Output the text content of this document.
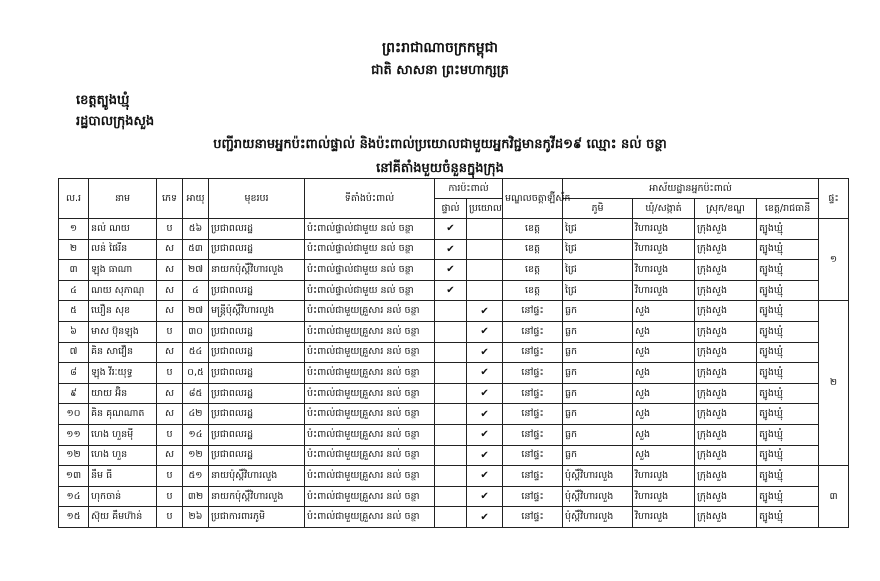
ព្រះរាជាណាចក្រកម្ពុជា
ជាតិ សាសនា ព្រះមហាក្សត្រ
ខេត្តត្បូងឃ្មុំ
រដ្ឋបាលក្រុងសួង
បញ្ជីរាយនាមអ្នកប៉ះពាល់ផ្ទាល់ និងប៉ះពាល់ប្រយោលជាមួយអ្នកវិជ្ជមានកូវីដ១៩ ឈ្មោះ នល់ ចន្ថា
នៅគីតាំងមួយចំនួនក្នុងក្រុង
ល.រ	នាម	ភេទ	អាយុ	មុខរបរ	ទីតាំងប៉ះពាល់	ការប៉ះពាល់		មណ្ឌលចត្តាឡ៊ីស័ក	អាស័យដ្ឋានអ្នកប៉ះពាល់				ផ្ទះ
						ផ្ទាល់	ប្រយោល		ភូមិ	ឃុំ/សង្កាត់	ស្រុក/ខណ្ឌ	ខេត្ត/រាជធានី	
១	នល់ ណយ	ប	៥៦	ប្រជាពលរដ្ឋ	ប៉ះពាល់ផ្ទាល់ជាមួយ នល់ ចន្ថា	✔		ខេត្ត	ជ្រៃ	វិហារលួង	ក្រុងសួង	ត្បូងឃ្មុំ	១
២	លន់ ផៃរីន	ស	៥៣	ប្រជាពលរដ្ឋ	ប៉ះពាល់ផ្ទាល់ជាមួយ នល់ ចន្ថា	✔		ខេត្ត	ជ្រៃ	វិហារលួង	ក្រុងសួង	ត្បូងឃ្មុំ	
៣	ឡុង ធាណា	ស	២៧	នាយកប៉ុស្តិ៍វិហារលួង	ប៉ះពាល់ផ្ទាល់ជាមួយ នល់ ចន្ថា	✔		ខេត្ត	ជ្រៃ	វិហារលួង	ក្រុងសួង	ត្បូងឃ្មុំ	
៤	ណយ សុភាណុ	ស	៤	ប្រជាពលរដ្ឋ	ប៉ះពាល់ផ្ទាល់ជាមួយ នល់ ចន្ថា	✔		ខេត្ត	ជ្រៃ	វិហារលួង	ក្រុងសួង	ត្បូងឃ្មុំ	
៥	ឃឿន សុខ	ស	២៧	មន្ត្រីប៉ុស្តិ៍វិហារលួង	ប៉ះពាល់ជាមួយគ្រួសារ នល់ ចន្ថា		✔	នៅផ្ទះ	ធ្លក	សួង	ក្រុងសួង	ត្បូងឃ្មុំ	២
៦	មាស ប៊ុនឡុង	ប	៣០	ប្រជាពលរដ្ឋ	ប៉ះពាល់ជាមួយគ្រួសារ នល់ ចន្ថា		✔	នៅផ្ទះ	ធ្លក	សួង	ក្រុងសួង	ត្បូងឃ្មុំ	
៧	គិន សាវឿន	ស	៥៤	ប្រជាពលរដ្ឋ	ប៉ះពាល់ជាមួយគ្រួសារ នល់ ចន្ថា		✔	នៅផ្ទះ	ធ្លក	សួង	ក្រុងសួង	ត្បូងឃ្មុំ	
៨	ឡុង វីរៈយុទ្ធ	ប	០,៥	ប្រជាពលរដ្ឋ	ប៉ះពាល់ជាមួយគ្រួសារ នល់ ចន្ថា		✔	នៅផ្ទះ	ធ្លក	សួង	ក្រុងសួង	ត្បូងឃ្មុំ	
៩	យាយ អ៊ិន	ស	៨៥	ប្រជាពលរដ្ឋ	ប៉ះពាល់ជាមួយគ្រួសារ នល់ ចន្ថា		✔	នៅផ្ទះ	ធ្លក	សួង	ក្រុងសួង	ត្បូងឃ្មុំ	
១០	គិន គុណណាត	ស	៤២	ប្រជាពលរដ្ឋ	ប៉ះពាល់ជាមួយគ្រួសារ នល់ ចន្ថា		✔	នៅផ្ទះ	ធ្លក	សួង	ក្រុងសួង	ត្បូងឃ្មុំ	
១១	ហេង ហួនម៉ី	ប	១៤	ប្រជាពលរដ្ឋ	ប៉ះពាល់ជាមួយគ្រួសារ នល់ ចន្ថា		✔	នៅផ្ទះ	ធ្លក	សួង	ក្រុងសួង	ត្បូងឃ្មុំ	
១២	ហេង ហួន	ស	១២	ប្រជាពលរដ្ឋ	ប៉ះពាល់ជាមួយគ្រួសារ នល់ ចន្ថា		✔	នៅផ្ទះ	ធ្លក	សួង	ក្រុងសួង	ត្បូងឃ្មុំ	
១៣	នឹម ធី	ប	៥១	នាយប៉ុស្តិ៍វិហារលួង	ប៉ះពាល់ជាមួយគ្រួសារ នល់ ចន្ថា		✔	នៅផ្ទះ	ប៉ុស្តិ៍វិហារលួង	វិហារលួង	ក្រុងសួង	ត្បូងឃ្មុំ	៣
១៤	ហុកចាន់	ប	៣២	នាយកប៉ុស្តិ៍វិហារលួង	ប៉ះពាល់ជាមួយគ្រួសារ នល់ ចន្ថា		✔	នៅផ្ទះ	ប៉ុស្តិ៍វិហារលួង	វិហារលួង	ក្រុងសួង	ត្បូងឃ្មុំ	
១៥	ស៊ុយ គឹមហ៊ាន់	ប	២៦	ប្រជាការពារភូមិ	ប៉ះពាល់ជាមួយគ្រួសារ នល់ ចន្ថា		✔	នៅផ្ទះ	ប៉ុស្តិ៍វិហារលួង	វិហារលួង	ក្រុងសួង	ត្បូងឃ្មុំ	
